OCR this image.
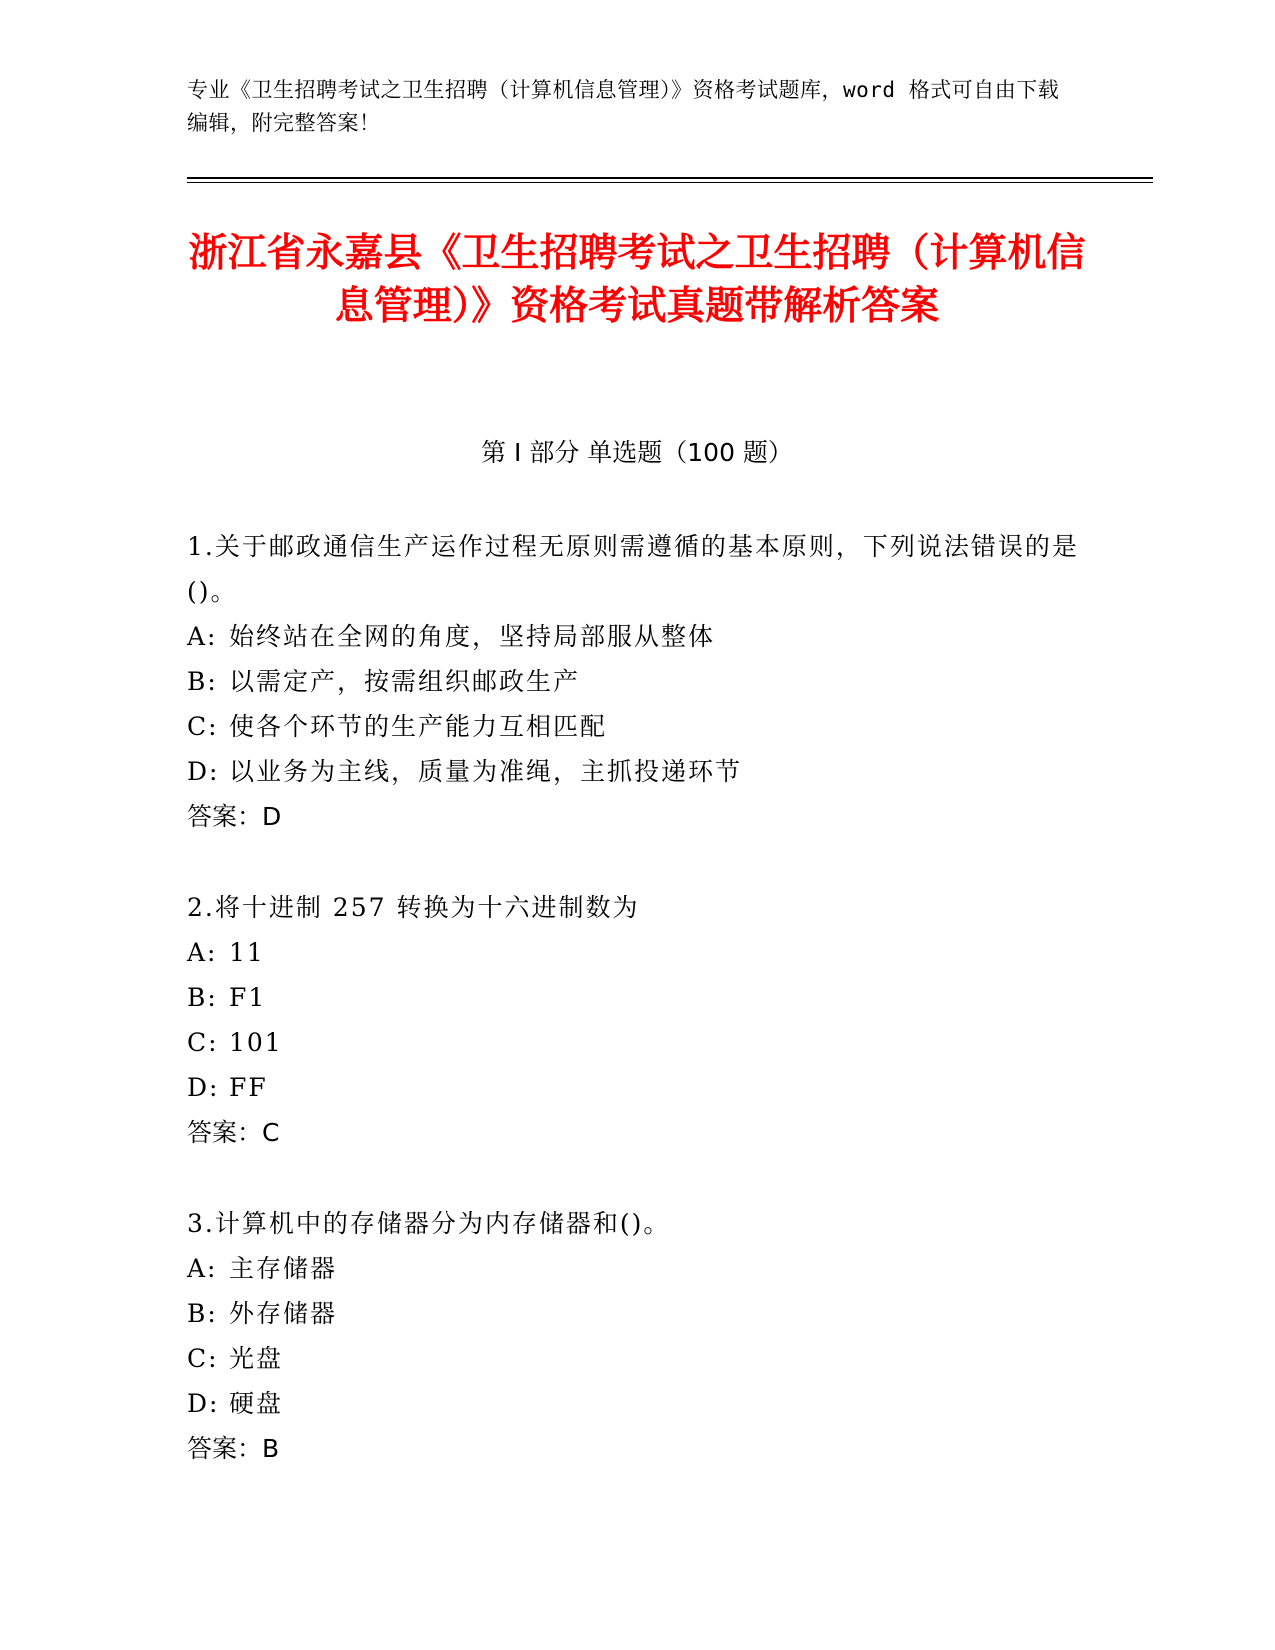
专业《卫生招聘考试之卫生招聘（计算机信息管理）》资格考试题库，word 格式可自由下载编辑，附完整答案！
浙江省永嘉县《卫生招聘考试之卫生招聘（计算机信息管理）》资格考试真题带解析答案
第 I 部分 单选题（100 题）

1.关于邮政通信生产运作过程无原则需遵循的基本原则，下列说法错误的是()。

A: 始终站在全网的角度，坚持局部服从整体

B: 以需定产，按需组织邮政生产

C: 使各个环节的生产能力互相匹配

D: 以业务为主线，质量为准绳，主抓投递环节

答案：D

2.将十进制 257 转换为十六进制数为

A: 11

B: F1

C: 101

D: FF

答案：C

3.计算机中的存储器分为内存储器和()。

A: 主存储器

B: 外存储器

C: 光盘

D: 硬盘

答案：B
